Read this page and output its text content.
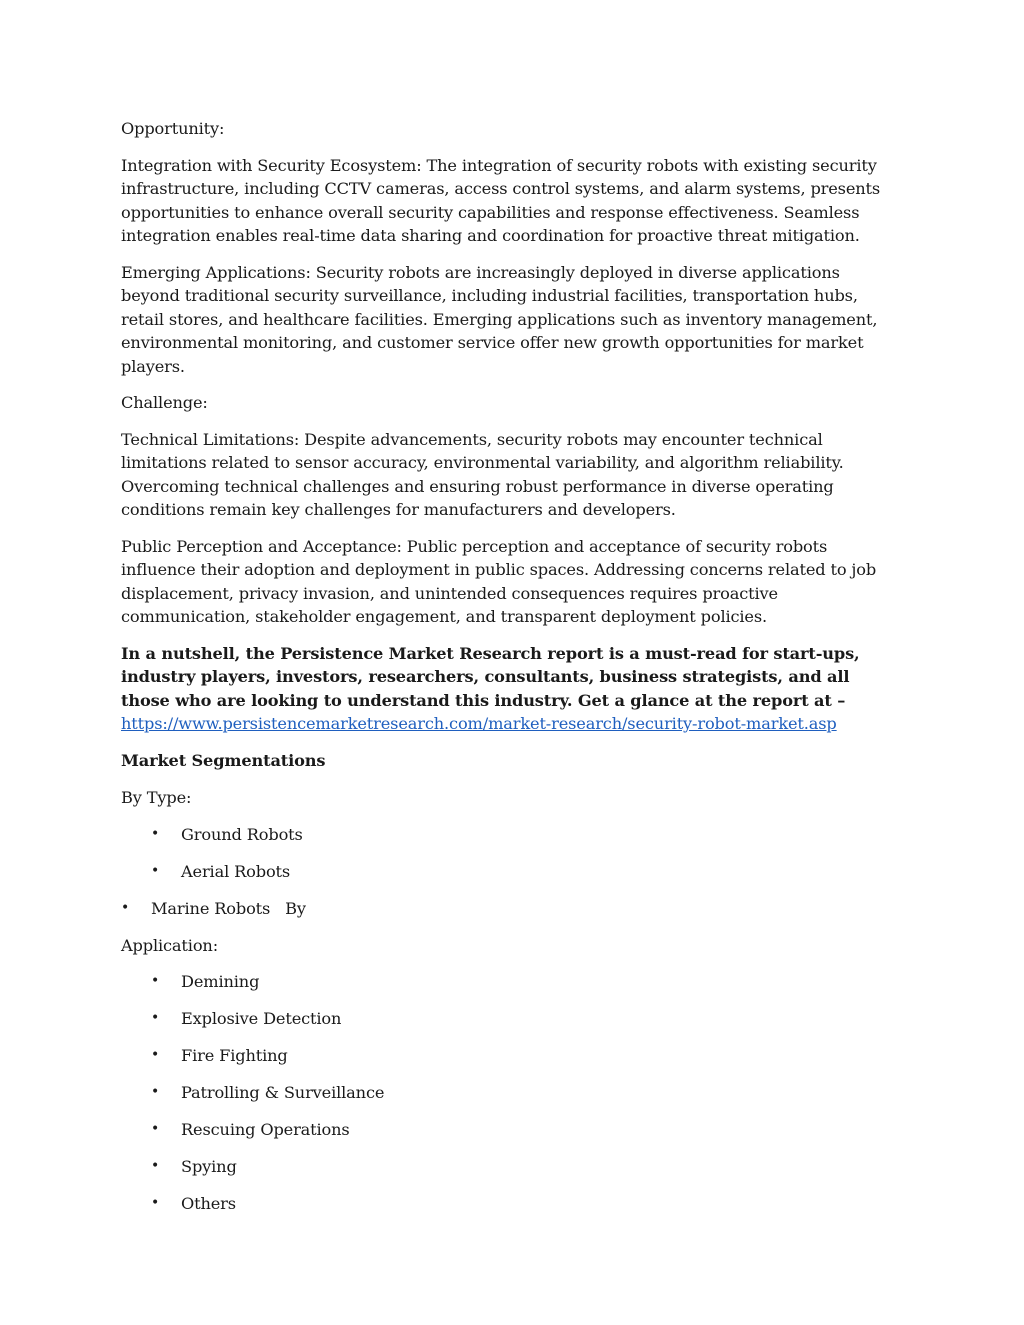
Opportunity:

Integration with Security Ecosystem: The integration of security robots with existing security infrastructure, including CCTV cameras, access control systems, and alarm systems, presents opportunities to enhance overall security capabilities and response effectiveness. Seamless integration enables real-time data sharing and coordination for proactive threat mitigation.

Emerging Applications: Security robots are increasingly deployed in diverse applications beyond traditional security surveillance, including industrial facilities, transportation hubs, retail stores, and healthcare facilities. Emerging applications such as inventory management, environmental monitoring, and customer service offer new growth opportunities for market players.

Challenge:

Technical Limitations: Despite advancements, security robots may encounter technical limitations related to sensor accuracy, environmental variability, and algorithm reliability. Overcoming technical challenges and ensuring robust performance in diverse operating conditions remain key challenges for manufacturers and developers.

Public Perception and Acceptance: Public perception and acceptance of security robots influence their adoption and deployment in public spaces. Addressing concerns related to job displacement, privacy invasion, and unintended consequences requires proactive communication, stakeholder engagement, and transparent deployment policies.

In a nutshell, the Persistence Market Research report is a must-read for start-ups, industry players, investors, researchers, consultants, business strategists, and all those who are looking to understand this industry. Get a glance at the report at –
https://www.persistencemarketresearch.com/market-research/security-robot-market.asp

Market Segmentations

By Type:

• Ground Robots
• Aerial Robots
• Marine Robots   By

Application:

• Demining
• Explosive Detection
• Fire Fighting
• Patrolling & Surveillance
• Rescuing Operations
• Spying
• Others
